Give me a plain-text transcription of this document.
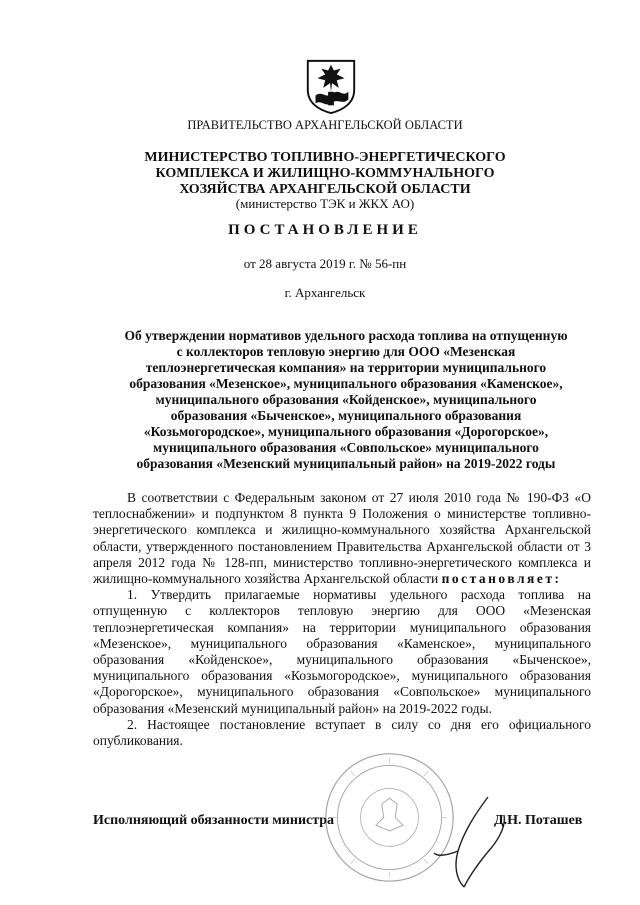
ПРАВИТЕЛЬСТВО АРХАНГЕЛЬСКОЙ ОБЛАСТИ
МИНИСТЕРСТВО ТОПЛИВНО-ЭНЕРГЕТИЧЕСКОГО
КОМПЛЕКСА И ЖИЛИЩНО-КОММУНАЛЬНОГО
ХОЗЯЙСТВА АРХАНГЕЛЬСКОЙ ОБЛАСТИ
(министерство ТЭК и ЖКХ АО)
ПОСТАНОВЛЕНИЕ
от 28 августа 2019 г. № 56-пн
г. Архангельск
Об утверждении нормативов удельного расхода топлива на отпущенную
с коллекторов тепловую энергию для ООО «Мезенская
теплоэнергетическая компания» на территории муниципального
образования «Мезенское», муниципального образования «Каменское»,
муниципального образования «Койденское», муниципального
образования «Быченское», муниципального образования
«Козьмогородское», муниципального образования «Дорогорское»,
муниципального образования «Совпольское» муниципального
образования «Мезенский муниципальный район» на 2019-2022 годы

В соответствии с Федеральным законом от 27 июля 2010 года № 190-ФЗ «О теплоснабжении» и подпунктом 8 пункта 9 Положения о министерстве топливно-энергетического комплекса и жилищно-коммунального хозяйства Архангельской области, утвержденного постановлением Правительства Архангельской области от 3 апреля 2012 года № 128-пп, министерство топливно-энергетического комплекса и жилищно-коммунального хозяйства Архангельской области постановляет:

1. Утвердить прилагаемые нормативы удельного расхода топлива на отпущенную с коллекторов тепловую энергию для ООО «Мезенская теплоэнергетическая компания» на территории муниципального образования «Мезенское», муниципального образования «Каменское», муниципального образования «Койденское», муниципального образования «Быченское», муниципального образования «Козьмогородское», муниципального образования «Дорогорское», муниципального образования «Совпольское» муниципального образования «Мезенский муниципальный район» на 2019-2022 годы.

2. Настоящее постановление вступает в силу со дня его официального опубликования.

Исполняющий обязанности министра	Д.Н. Поташев
